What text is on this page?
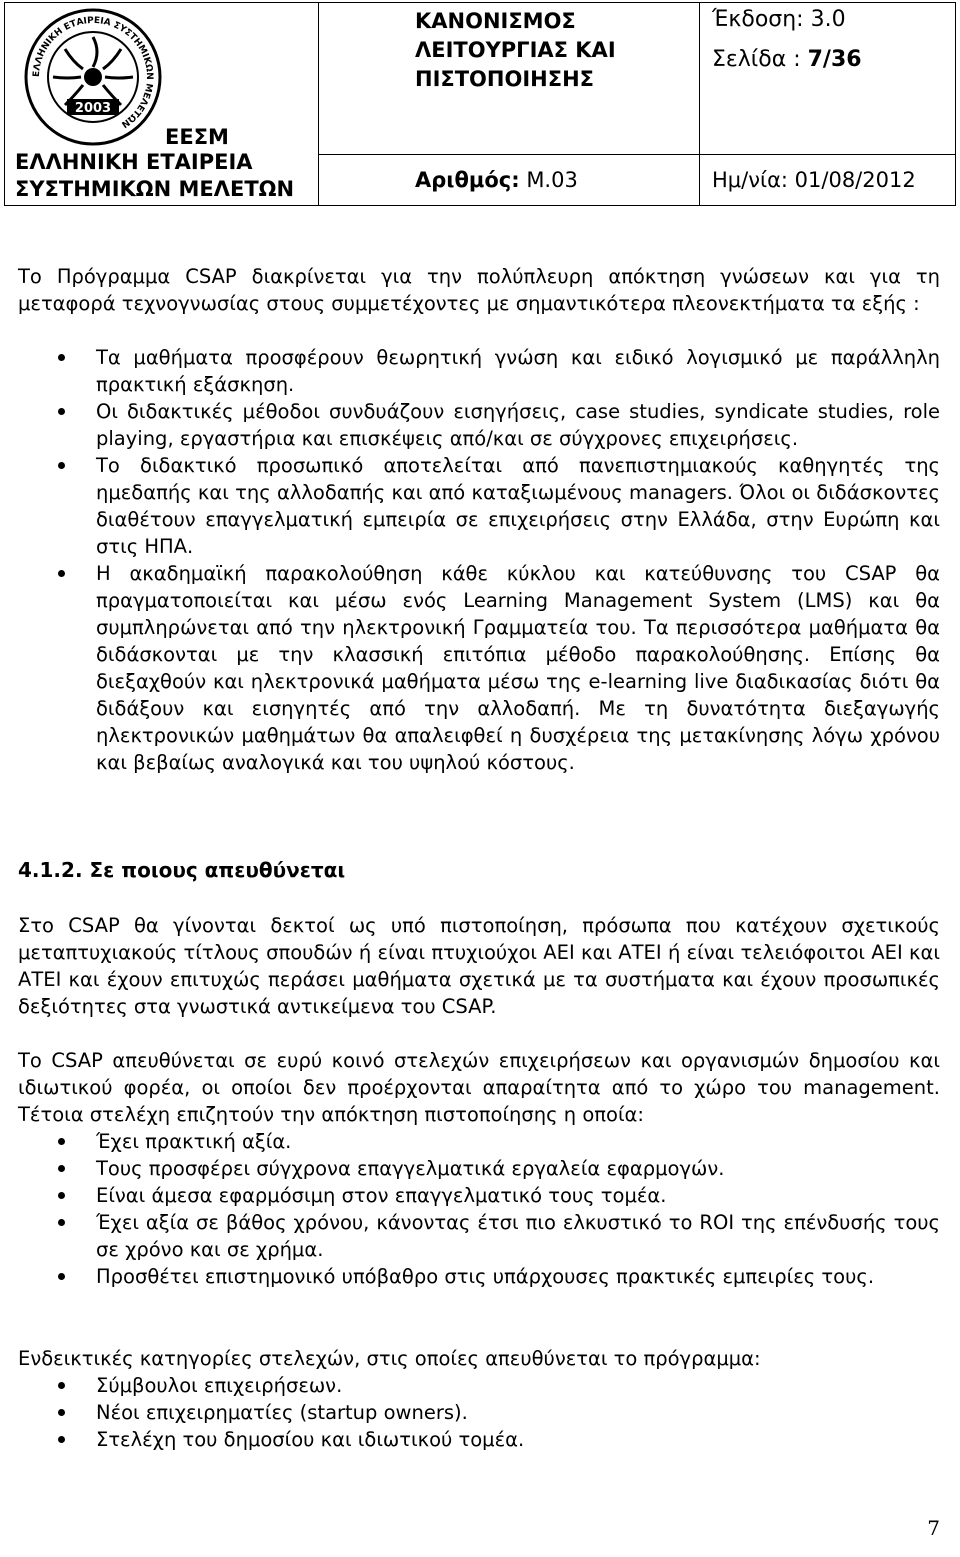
ΕΛΛΗΝΙΚΗ ΕΤΑΙΡΕΙΑ ΣΥΣΤΗΜΙΚΩΝ ΜΕΛΕΤΩΝ
2003
ΕΕΣΜ
ΕΛΛΗΝΙΚΗ ΕΤΑΙΡΕΙΑ
ΣΥΣΤΗΜΙΚΩΝ ΜΕΛΕΤΩΝ
ΚΑΝΟΝΙΣΜΟΣ
ΛΕΙΤΟΥΡΓΙΑΣ ΚΑΙ
ΠΙΣΤΟΠΟΙΗΣΗΣ
Έκδοση: 3.0
Σελίδα : 7/36
Αριθμός: Μ.03	Ημ/νία: 01/08/2012
Το Πρόγραμμα CSAP διακρίνεται για την πολύπλευρη απόκτηση γνώσεων και για τη μεταφορά τεχνογνωσίας στους συμμετέχοντες με σημαντικότερα πλεονεκτήματα τα εξής :
Τα μαθήματα προσφέρουν θεωρητική γνώση και ειδικό λογισμικό με παράλληλη πρακτική εξάσκηση.
Οι διδακτικές μέθοδοι συνδυάζουν εισηγήσεις, case studies, syndicate studies, role playing, εργαστήρια και επισκέψεις από/και σε σύγχρονες επιχειρήσεις.
Το διδακτικό προσωπικό αποτελείται από πανεπιστημιακούς καθηγητές της ημεδαπής και της αλλοδαπής και από καταξιωμένους managers. Όλοι οι διδάσκοντες διαθέτουν επαγγελματική εμπειρία σε επιχειρήσεις στην Ελλάδα, στην Ευρώπη και στις ΗΠΑ.
Η ακαδημαϊκή παρακολούθηση κάθε κύκλου και κατεύθυνσης του CSAP θα πραγματοποιείται και μέσω ενός Learning Management System (LMS) και θα συμπληρώνεται από την ηλεκτρονική Γραμματεία του. Τα περισσότερα μαθήματα θα διδάσκονται με την κλασσική επιτόπια μέθοδο παρακολούθησης. Επίσης θα διεξαχθούν και ηλεκτρονικά μαθήματα μέσω της e-learning live διαδικασίας διότι θα διδάξουν και εισηγητές από την αλλοδαπή. Με τη δυνατότητα διεξαγωγής ηλεκτρονικών μαθημάτων θα απαλειφθεί η δυσχέρεια της μετακίνησης λόγω χρόνου και βεβαίως αναλογικά και του υψηλού κόστους.
4.1.2. Σε ποιους απευθύνεται
Στο CSAP θα γίνονται δεκτοί ως υπό πιστοποίηση, πρόσωπα που κατέχουν σχετικούς μεταπτυχιακούς τίτλους σπουδών ή είναι πτυχιούχοι ΑΕΙ και ΑΤΕΙ ή είναι τελειόφοιτοι ΑΕΙ και ΑΤΕΙ και έχουν επιτυχώς περάσει μαθήματα σχετικά με τα συστήματα και έχουν προσωπικές δεξιότητες στα γνωστικά αντικείμενα του CSAP.
Το CSAP απευθύνεται σε ευρύ κοινό στελεχών επιχειρήσεων και οργανισμών δημοσίου και ιδιωτικού φορέα, οι οποίοι δεν προέρχονται απαραίτητα από το χώρο του management. Τέτοια στελέχη επιζητούν την απόκτηση πιστοποίησης η οποία:
Έχει πρακτική αξία.
Τους προσφέρει σύγχρονα επαγγελματικά εργαλεία εφαρμογών.
Είναι άμεσα εφαρμόσιμη στον επαγγελματικό τους τομέα.
Έχει αξία σε βάθος χρόνου, κάνοντας έτσι πιο ελκυστικό το ROI της επένδυσής τους σε χρόνο και σε χρήμα.
Προσθέτει επιστημονικό υπόβαθρο στις υπάρχουσες πρακτικές εμπειρίες τους.
Ενδεικτικές κατηγορίες στελεχών, στις οποίες απευθύνεται το πρόγραμμα:
Σύμβουλοι επιχειρήσεων.
Νέοι επιχειρηματίες (startup owners).
Στελέχη του δημοσίου και ιδιωτικού τομέα.
7
